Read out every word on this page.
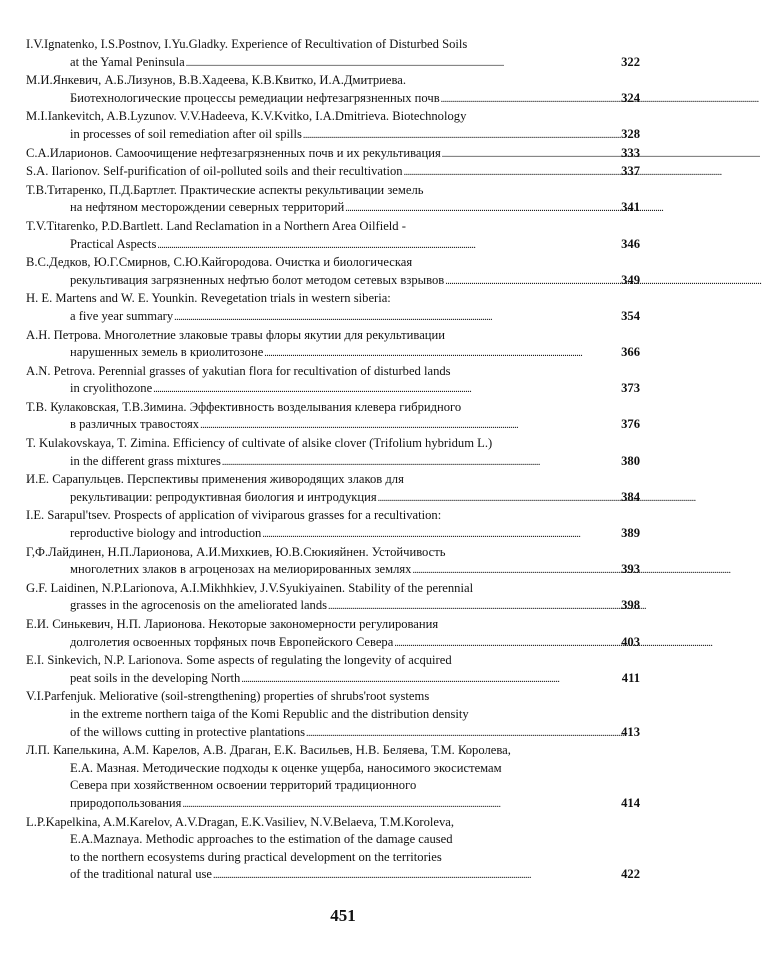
I.V.Ignatenko, I.S.Postnov, I.Yu.Gladky. Experience of Recultivation of Disturbed Soils
at the Yamal Peninsula . . .	322
М.И.Янкевич, А.Б.Лизунов, В.В.Хадеева, К.В.Квитко, И.А.Дмитриева.
Биотехнологические процессы ремедиации нефтезагрязненных почв . . .	324
M.I.Iankevitch, A.B.Lyzunov. V.V.Hadeeva, K.V.Kvitko, I.A.Dmitrieva. Biotechnology
in processes of soil remediation after oil spills . . .	328
С.А.Иларионов. Самоочищение нефтезагрязненных почв и их рекультивация . . .	333
S.A. Ilarionov. Self-purification of oil-polluted soils and their recultivation . . .	337
Т.В.Титаренко, П.Д.Бартлет. Практические аспекты рекультивации земель
на нефтяном месторождении северных территорий . . .	341
T.V.Titarenko, P.D.Bartlett. Land Reclamation in a Northern Area Oilfield -
Practical Aspects . . .	346
В.С.Дедков, Ю.Г.Смирнов, С.Ю.Кайгородова. Очистка и биологическая
рекультивация загрязненных нефтью болот методом сетевых взрывов . . .	349
H. E. Martens and W. E. Younkin. Revegetation trials in western siberia:
a five year summary . . .	354
А.Н. Петрова. Многолетние злаковые травы флоры якутии для рекультивации
нарушенных земель в криолитозоне . . .	366
A.N. Petrova. Perennial grasses of yakutian flora for recultivation of disturbed lands
in cryolithozone . . .	373
Т.В. Кулаковская, Т.В.Зимина. Эффективность возделывания клевера гибридного
в различных травостоях . . .	376
T. Kulakovskaya, T. Zimina. Efficiency of cultivate of alsike clover (Trifolium hybridum L.)
in the different grass mixtures . . .	380
И.Е. Сарапульцев. Перспективы применения живородящих злаков для
рекультивации: репродуктивная биология и интродукция . . .	384
I.E. Sarapul'tsev. Prospects of application of viviparous grasses for a recultivation:
reproductive biology and introduction . . .	389
Г,Ф.Лайдинен, Н.П.Ларионова, А.И.Михкиев, Ю.В.Сюкияйнен. Устойчивость
многолетних злаков в агроценозах на мелиорированных землях . . .	393
G.F. Laidinen, N.P.Larionova, A.I.Mikhhkiev, J.V.Syukiyainen. Stability of the perennial
grasses in the agrocenosis on the ameliorated lands . . .	398
Е.И. Синькевич, Н.П. Ларионова. Некоторые закономерности регулирования
долголетия освоенных торфяных почв Европейского Севера . . .	403
E.I. Sinkevich, N.P. Larionova. Some aspects of regulating the longevity of acquired
peat soils in the developing North . . .	411
V.I.Parfenjuk. Meliorative (soil-strengthening) properties of shrubs'root systems
in the extreme northern taiga of the Komi Republic and the distribution density
of the willows cutting in protective plantations . . .	413
Л.П. Капелькина, А.М. Карелов, А.В. Драган, Е.К. Васильев, Н.В. Беляева, Т.М. Королева,
Е.А. Мазная. Методические подходы к оценке ущерба, наносимого экосистемам
Севера при хозяйственном освоении территорий традиционного
природопользования . . .	414
L.P.Kapelkina, A.M.Karelov, A.V.Dragan, E.K.Vasiliev, N.V.Belaeva, T.M.Koroleva,
E.A.Maznaya. Methodic approaches to the estimation of the damage caused
to the northern ecosystems during practical development on the territories
of the traditional natural use . . .	422
451
